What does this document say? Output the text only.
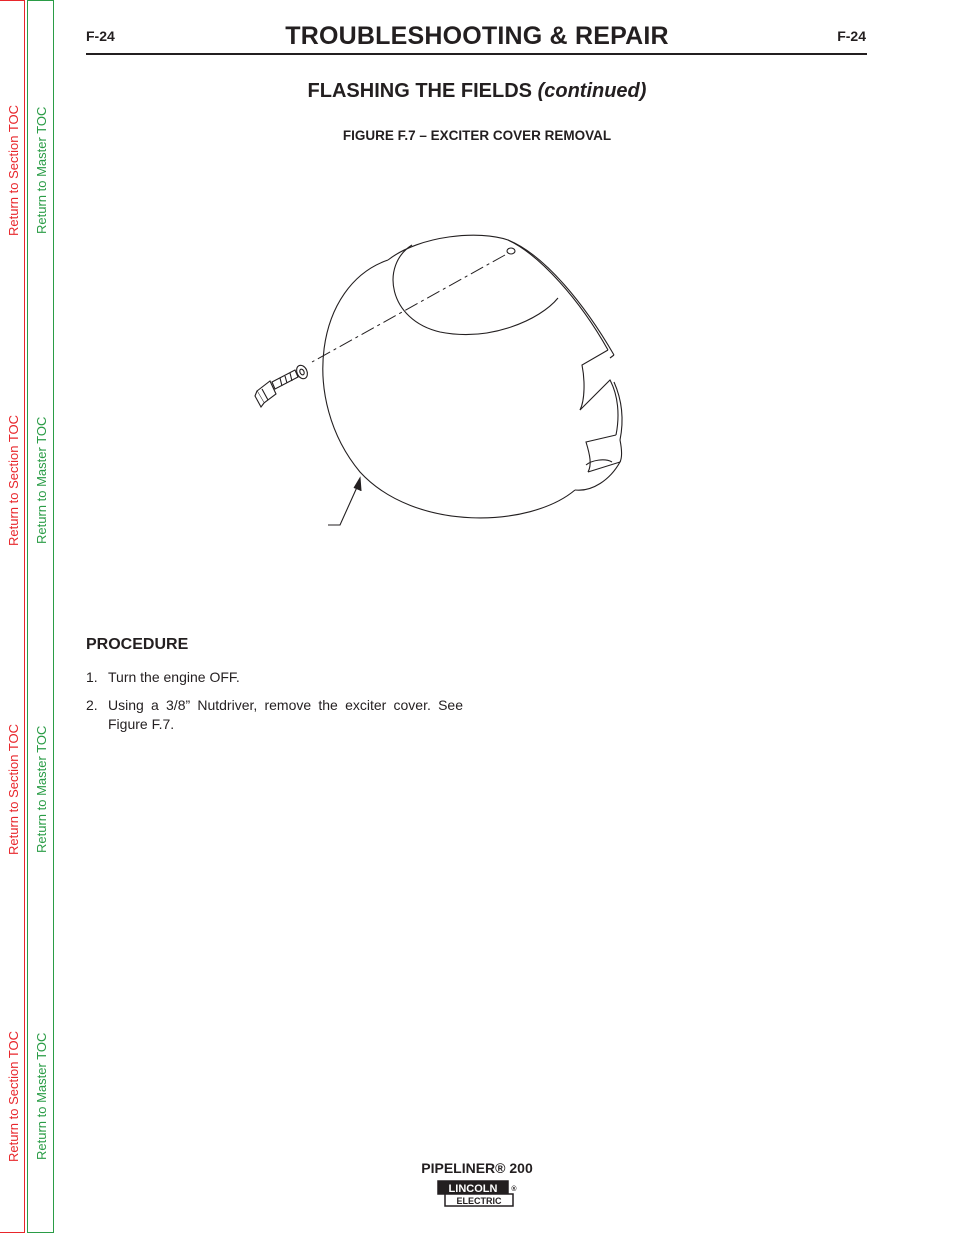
Return to Section TOC
Return to Section TOC
Return to Section TOC
Return to Section TOC
Return to Master TOC
Return to Master TOC
Return to Master TOC
Return to Master TOC
F-24	TROUBLESHOOTING & REPAIR	F-24
FLASHING THE FIELDS (continued)
FIGURE F.7 – EXCITER COVER REMOVAL
PROCEDURE
1. Turn the engine OFF.
2. Using a 3/8” Nutdriver, remove the exciter cover. See Figure F.7.
PIPELINER® 200
LINCOLN
ELECTRIC
®
